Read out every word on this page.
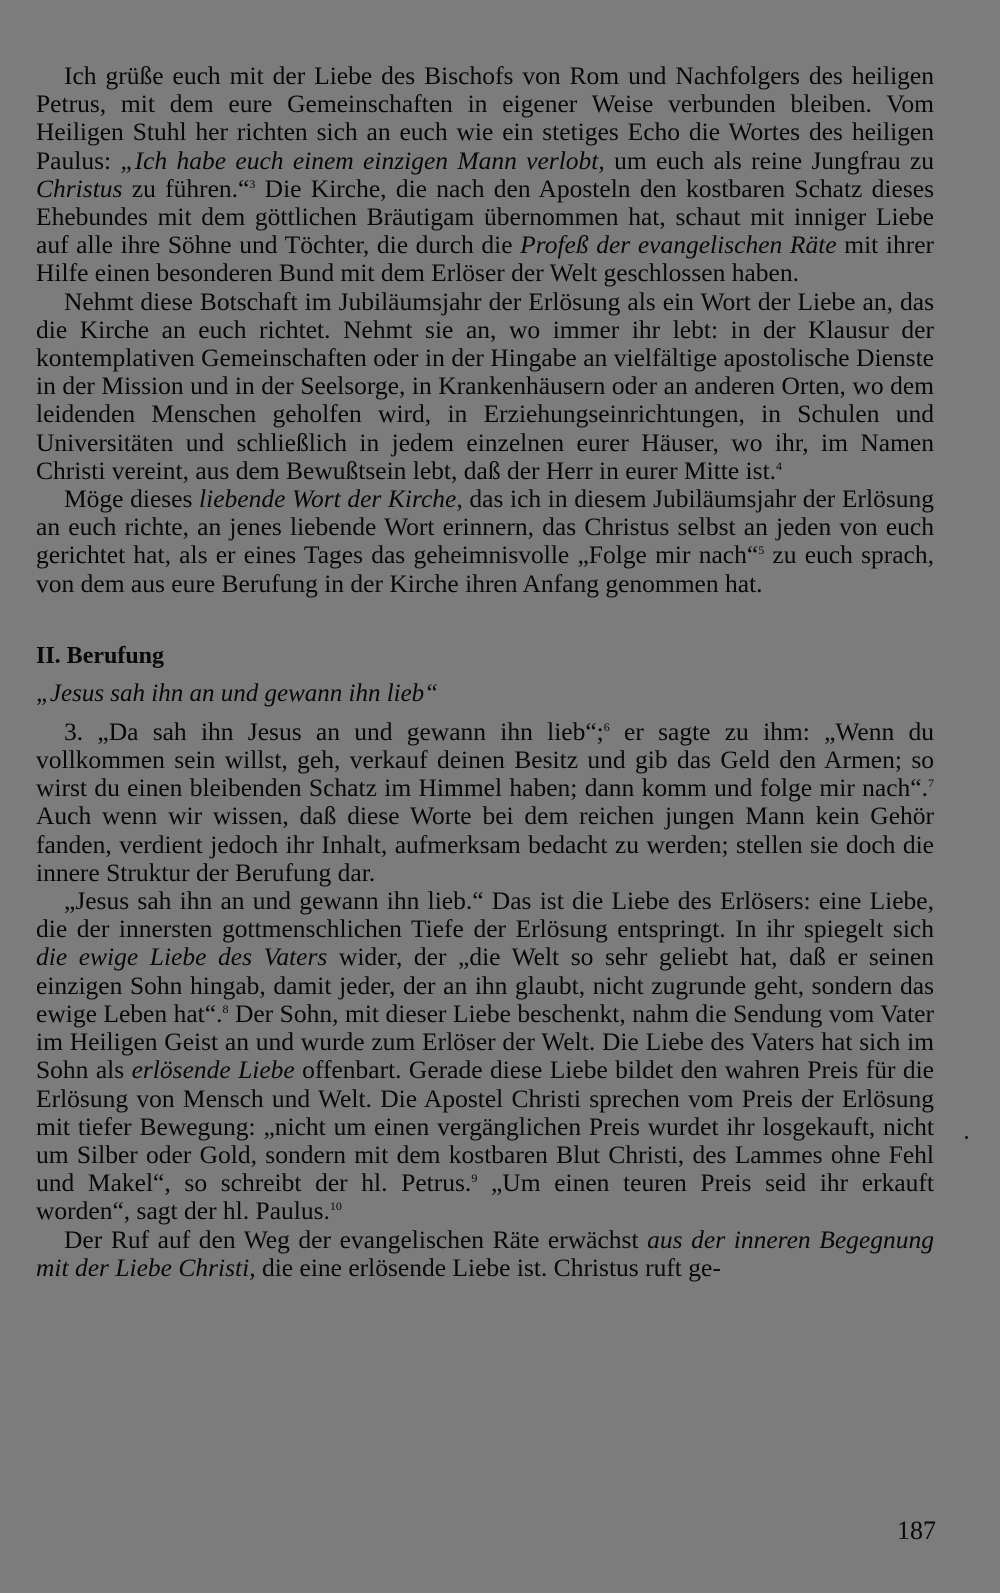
Ich grüße euch mit der Liebe des Bischofs von Rom und Nachfolgers des heiligen Petrus, mit dem eure Gemeinschaften in eigener Weise verbunden bleiben. Vom Heiligen Stuhl her richten sich an euch wie ein stetiges Echo die Wortes des heiligen Paulus: „Ich habe euch einem einzigen Mann verlobt, um euch als reine Jungfrau zu Christus zu führen.“$^3$ Die Kirche, die nach den Aposteln den kostbaren Schatz dieses Ehebundes mit dem göttlichen Bräutigam übernommen hat, schaut mit inniger Liebe auf alle ihre Söhne und Töchter, die durch die Profeß der evangelischen Räte mit ihrer Hilfe einen besonderen Bund mit dem Erlöser der Welt geschlossen haben.

Nehmt diese Botschaft im Jubiläumsjahr der Erlösung als ein Wort der Liebe an, das die Kirche an euch richtet. Nehmt sie an, wo immer ihr lebt: in der Klausur der kontemplativen Gemeinschaften oder in der Hingabe an vielfältige apostolische Dienste in der Mission und in der Seelsorge, in Krankenhäusern oder an anderen Orten, wo dem leidenden Menschen geholfen wird, in Erziehungseinrichtungen, in Schulen und Universitäten und schließlich in jedem einzelnen eurer Häuser, wo ihr, im Namen Christi vereint, aus dem Bewußtsein lebt, daß der Herr in eurer Mitte ist.$^4$

Möge dieses liebende Wort der Kirche, das ich in diesem Jubiläumsjahr der Erlösung an euch richte, an jenes liebende Wort erinnern, das Christus selbst an jeden von euch gerichtet hat, als er eines Tages das geheimnisvolle „Folge mir nach“$^5$ zu euch sprach, von dem aus eure Berufung in der Kirche ihren Anfang genommen hat.

II. Berufung
„Jesus sah ihn an und gewann ihn lieb“

3. „Da sah ihn Jesus an und gewann ihn lieb“;$^6$ er sagte zu ihm: „Wenn du vollkommen sein willst, geh, verkauf deinen Besitz und gib das Geld den Armen; so wirst du einen bleibenden Schatz im Himmel haben; dann komm und folge mir nach“.$^7$ Auch wenn wir wissen, daß diese Worte bei dem reichen jungen Mann kein Gehör fanden, verdient jedoch ihr Inhalt, aufmerksam bedacht zu werden; stellen sie doch die innere Struktur der Berufung dar.

„Jesus sah ihn an und gewann ihn lieb.“ Das ist die Liebe des Erlösers: eine Liebe, die der innersten gottmenschlichen Tiefe der Erlösung entspringt. In ihr spiegelt sich die ewige Liebe des Vaters wider, der „die Welt so sehr geliebt hat, daß er seinen einzigen Sohn hingab, damit jeder, der an ihn glaubt, nicht zugrunde geht, sondern das ewige Leben hat“.$^8$ Der Sohn, mit dieser Liebe beschenkt, nahm die Sendung vom Vater im Heiligen Geist an und wurde zum Erlöser der Welt. Die Liebe des Vaters hat sich im Sohn als erlösende Liebe offenbart. Gerade diese Liebe bildet den wahren Preis für die Erlösung von Mensch und Welt. Die Apostel Christi sprechen vom Preis der Erlösung mit tiefer Bewegung: „nicht um einen vergänglichen Preis wurdet ihr losgekauft, nicht um Silber oder Gold, sondern mit dem kostbaren Blut Christi, des Lammes ohne Fehl und Makel“, so schreibt der hl. Petrus.$^9$ „Um einen teuren Preis seid ihr erkauft worden“, sagt der hl. Paulus.$^{10}$

Der Ruf auf den Weg der evangelischen Räte erwächst aus der inneren Begegnung mit der Liebe Christi, die eine erlösende Liebe ist. Christus ruft ge-

187
